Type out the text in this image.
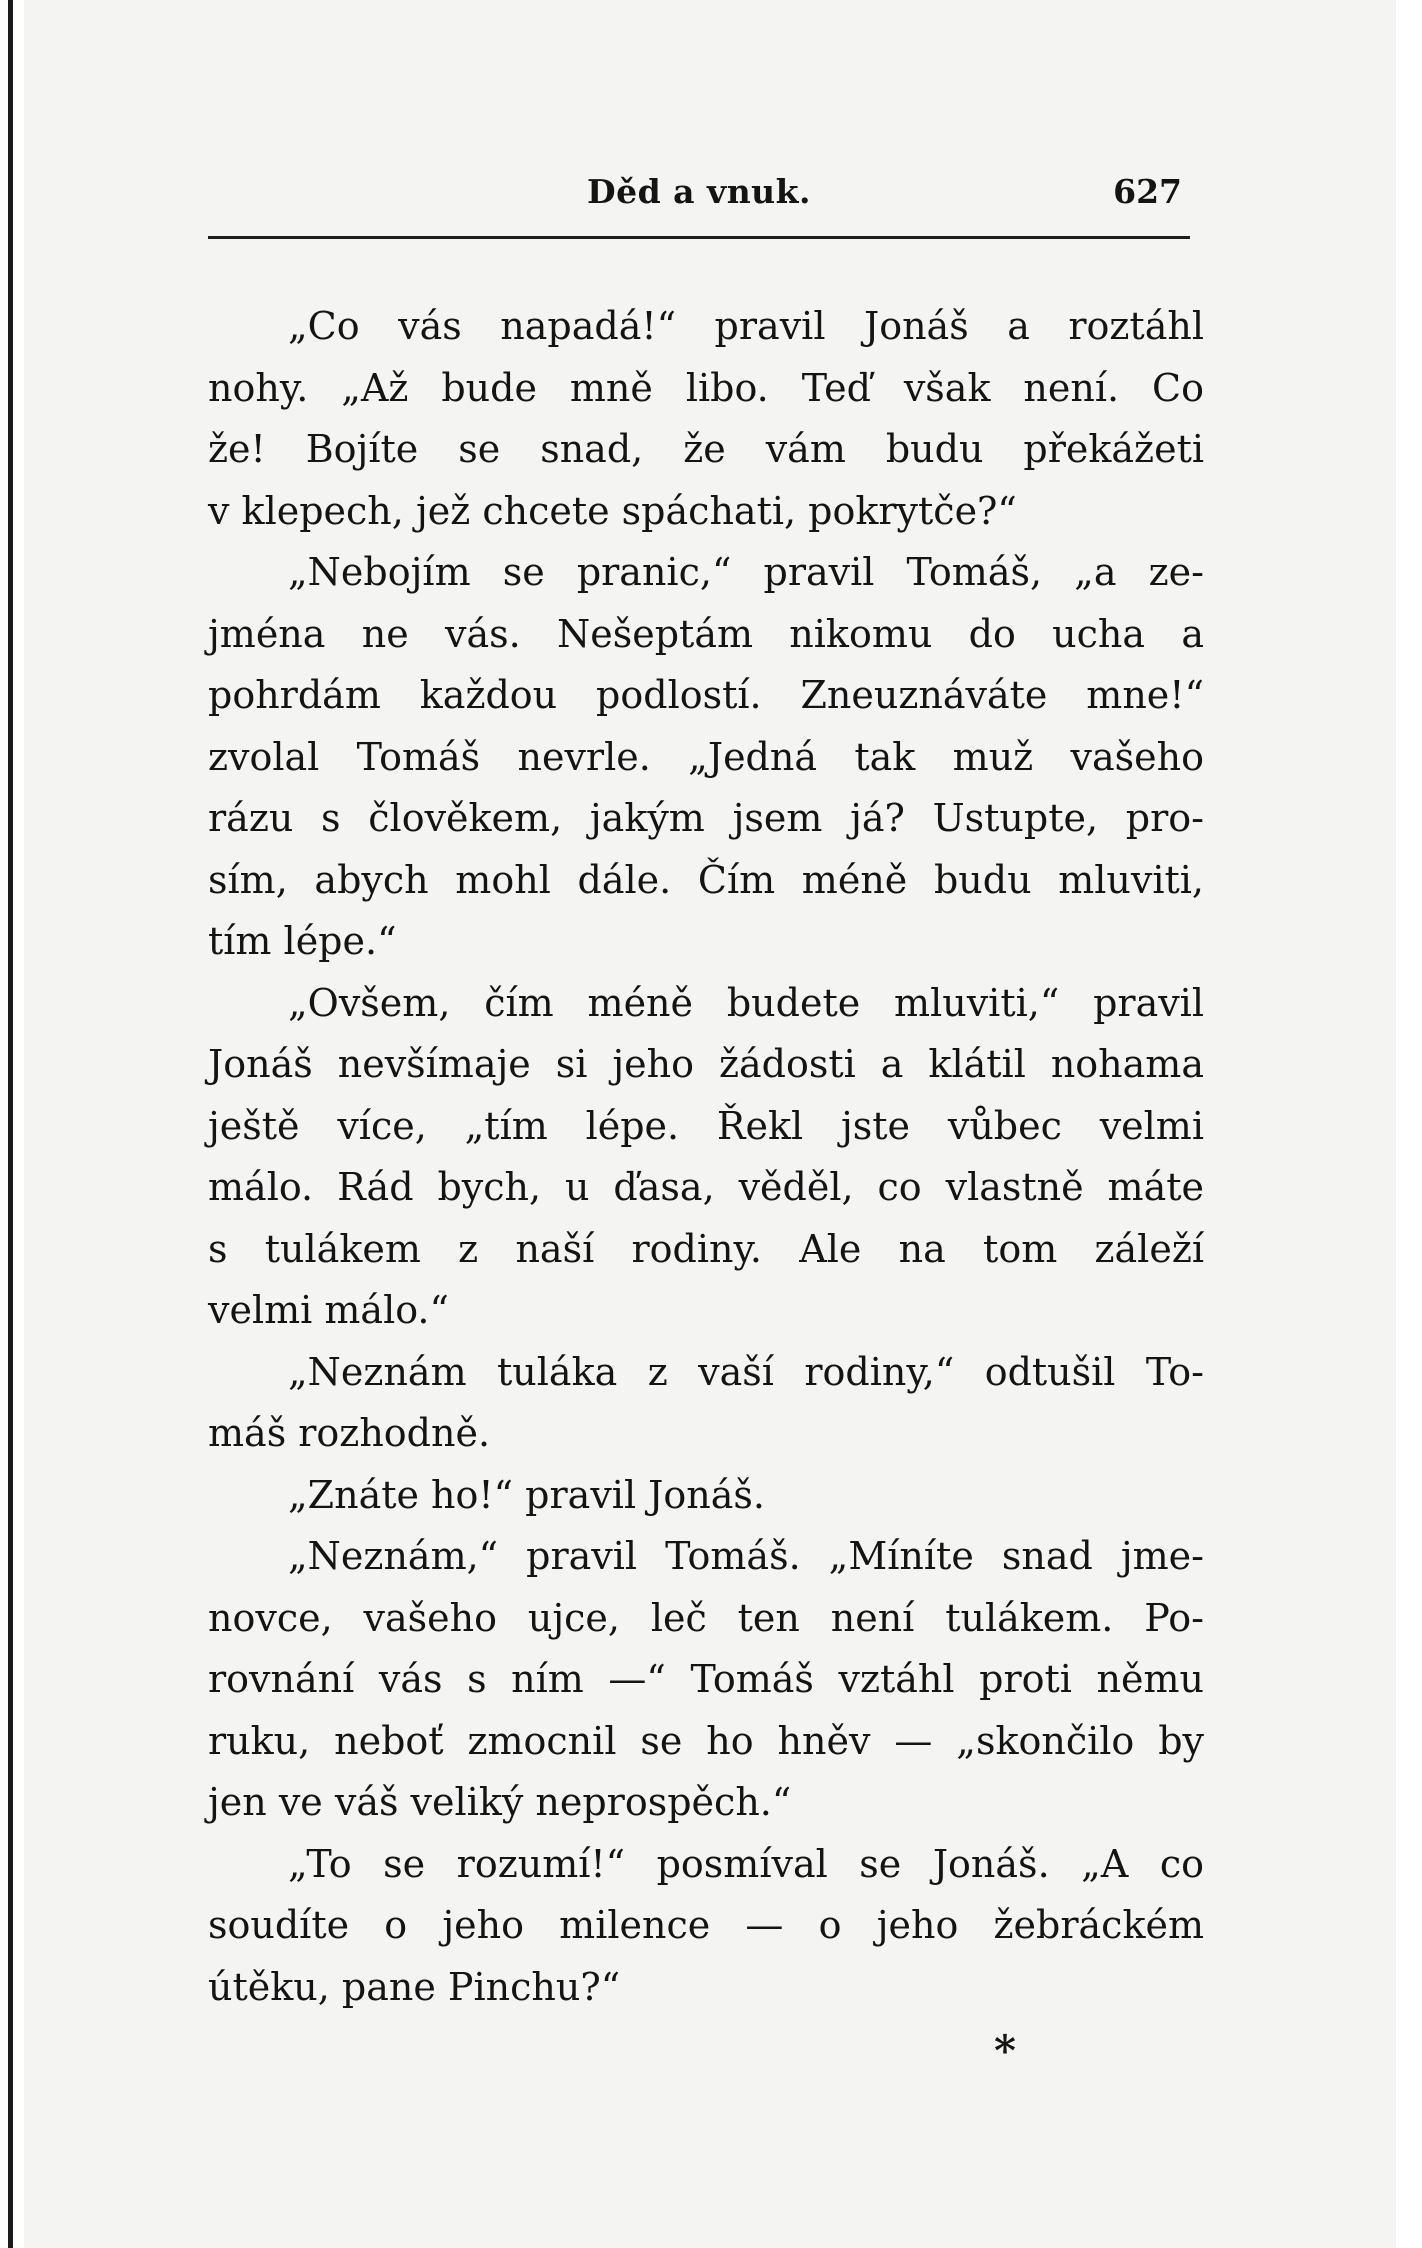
Děd a vnuk.	627
„Co vás napadá!“ pravil Jonáš a roztáhl
nohy. „Až bude mně libo. Teď však není. Co
že! Bojíte se snad, že vám budu překážeti
v klepech, jež chcete spáchati, pokrytče?“
„Nebojím se pranic,“ pravil Tomáš, „a ze-
jména ne vás. Nešeptám nikomu do ucha a
pohrdám každou podlostí. Zneuznáváte mne!“
zvolal Tomáš nevrle. „Jedná tak muž vašeho
rázu s člověkem, jakým jsem já? Ustupte, pro-
sím, abych mohl dále. Čím méně budu mluviti,
tím lépe.“
„Ovšem, čím méně budete mluviti,“ pravil
Jonáš nevšímaje si jeho žádosti a klátil nohama
ještě více, „tím lépe. Řekl jste vůbec velmi
málo. Rád bych, u ďasa, věděl, co vlastně máte
s tulákem z naší rodiny. Ale na tom záleží
velmi málo.“
„Neznám tuláka z vaší rodiny,“ odtušil To-
máš rozhodně.
„Znáte ho!“ pravil Jonáš.
„Neznám,“ pravil Tomáš. „Míníte snad jme-
novce, vašeho ujce, leč ten není tulákem. Po-
rovnání vás s ním —“ Tomáš vztáhl proti němu
ruku, neboť zmocnil se ho hněv — „skončilo by
jen ve váš veliký neprospěch.“
„To se rozumí!“ posmíval se Jonáš. „A co
soudíte o jeho milence — o jeho žebráckém
útěku, pane Pinchu?“
*
